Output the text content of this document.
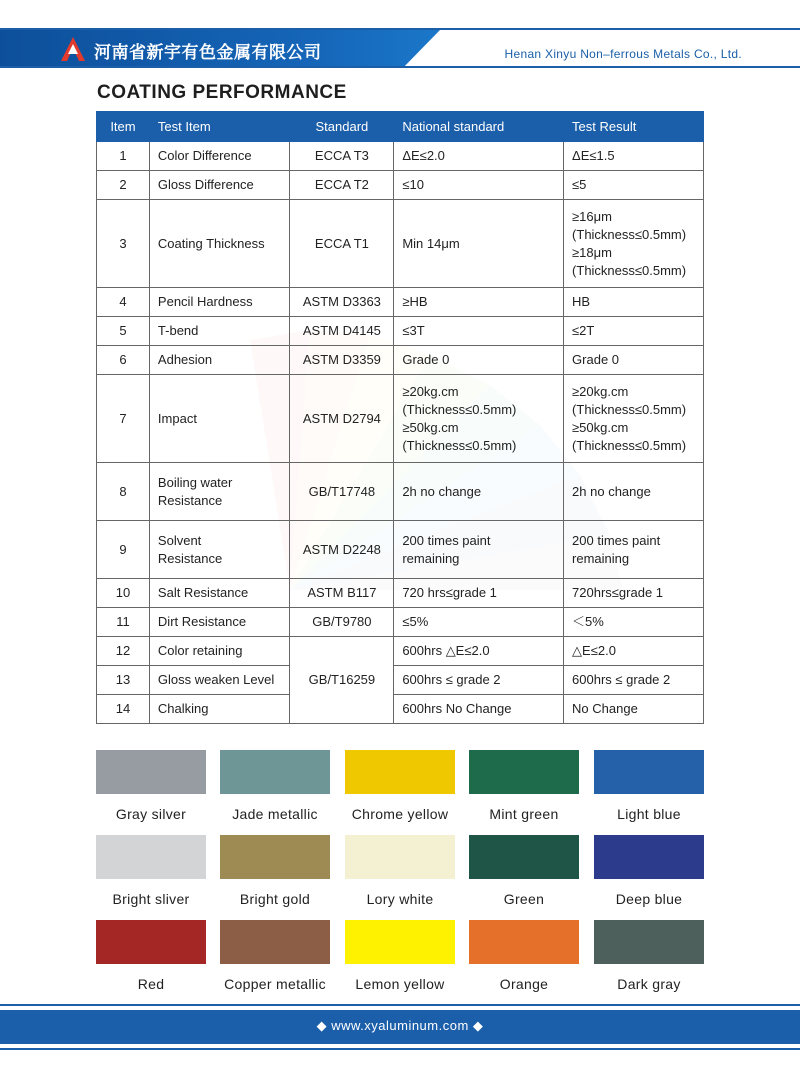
河南省新宇有色金属有限公司	Henan Xinyu Non–ferrous Metals Co., Ltd.
COATING PERFORMANCE
Item	Test Item	Standard	National standard	Test Result
1	Color Difference	ECCA T3	ΔE≤2.0	ΔE≤1.5

2	Gloss Difference	ECCA T2	≤10	≤5

3	Coating Thickness	ECCA T1	Min 14μm	≥16μm
(Thickness≤0.5mm)
≥18μm
(Thickness≤0.5mm)

4	Pencil Hardness	ASTM D3363	≥HB	HB

5	T-bend	ASTM D4145	≤3T	≤2T

6	Adhesion	ASTM D3359	Grade 0	Grade 0

7	Impact	ASTM D2794	≥20kg.cm
(Thickness≤0.5mm)
≥50kg.cm
(Thickness≤0.5mm)	≥20kg.cm
(Thickness≤0.5mm)
≥50kg.cm
(Thickness≤0.5mm)

8	Boiling water
Resistance	GB/T17748	2h no change	2h no change

9	Solvent
Resistance	ASTM D2248	200 times paint
remaining	200 times paint
remaining

10	Salt Resistance	ASTM B117	720 hrs≤grade 1	720hrs≤grade 1

11	Dirt Resistance	GB/T9780	≤5%	＜5%

12	Color retaining	GB/T16259	600hrs △E≤2.0	△E≤2.0

13	Gloss weaken Level		600hrs ≤ grade 2	600hrs ≤ grade 2

14	Chalking		600hrs No Change	No Change
Gray silver	Jade metallic	Chrome yellow	Mint green	Light blue
Bright sliver	Bright gold	Lory white	Green	Deep blue
Red	Copper metallic	Lemon yellow	Orange	Dark gray
◆ www.xyaluminum.com ◆
